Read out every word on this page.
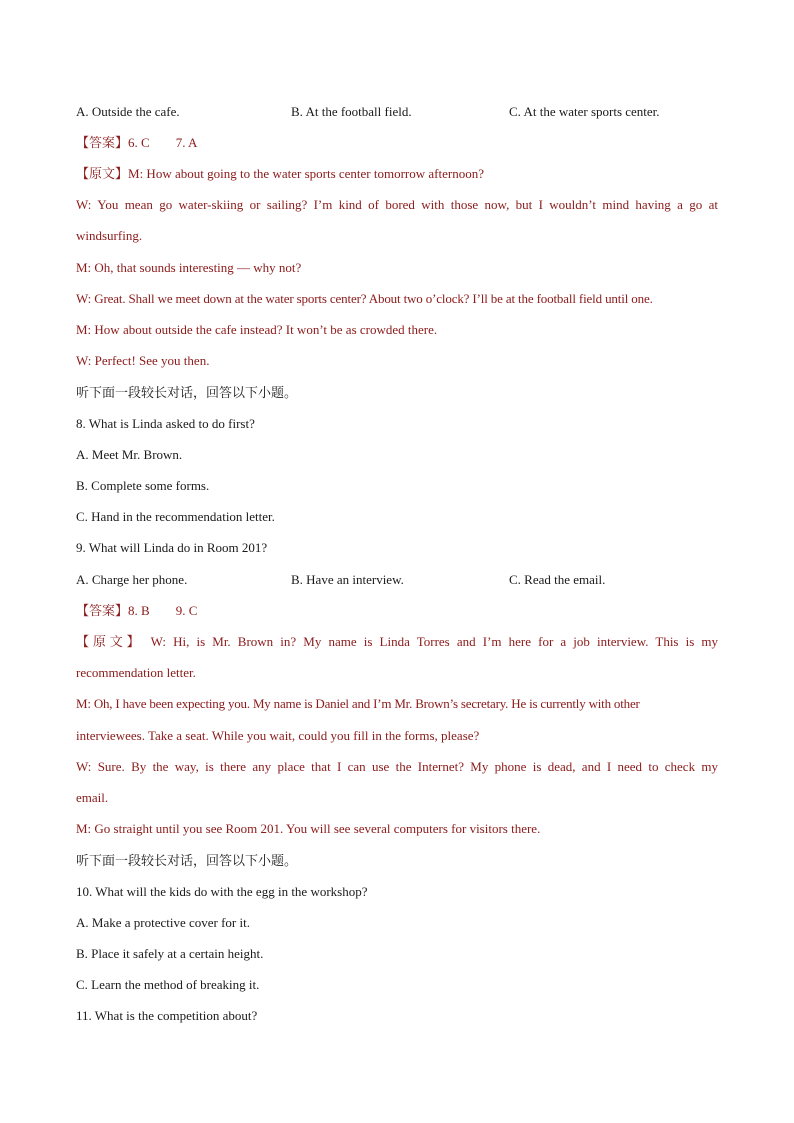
A. Outside the cafe.	B. At the football field.	C. At the water sports center.
【答案】6. C 7. A
【原文】M: How about going to the water sports center tomorrow afternoon?
W: You mean go water-skiing or sailing? I’m kind of bored with those now, but I wouldn’t mind having a go at
windsurfing.
M: Oh, that sounds interesting — why not?
W: Great. Shall we meet down at the water sports center? About two o’clock? I’ll be at the football field until one.
M: How about outside the cafe instead? It won’t be as crowded there.
W: Perfect! See you then.
听下面一段较长对话，回答以下小题。
8. What is Linda asked to do first?
A. Meet Mr. Brown.
B. Complete some forms.
C. Hand in the recommendation letter.
9. What will Linda do in Room 201?
A. Charge her phone.	B. Have an interview.	C. Read the email.
【答案】8. B 9. C
【原文】 W: Hi, is Mr. Brown in? My name is Linda Torres and I’m here for a job interview. This is my
recommendation letter.
M: Oh, I have been expecting you. My name is Daniel and I’m Mr. Brown’s secretary. He is currently with other
interviewees. Take a seat. While you wait, could you fill in the forms, please?
W: Sure. By the way, is there any place that I can use the Internet? My phone is dead, and I need to check my
email.
M: Go straight until you see Room 201. You will see several computers for visitors there.
听下面一段较长对话，回答以下小题。
10. What will the kids do with the egg in the workshop?
A. Make a protective cover for it.
B. Place it safely at a certain height.
C. Learn the method of breaking it.
11. What is the competition about?
